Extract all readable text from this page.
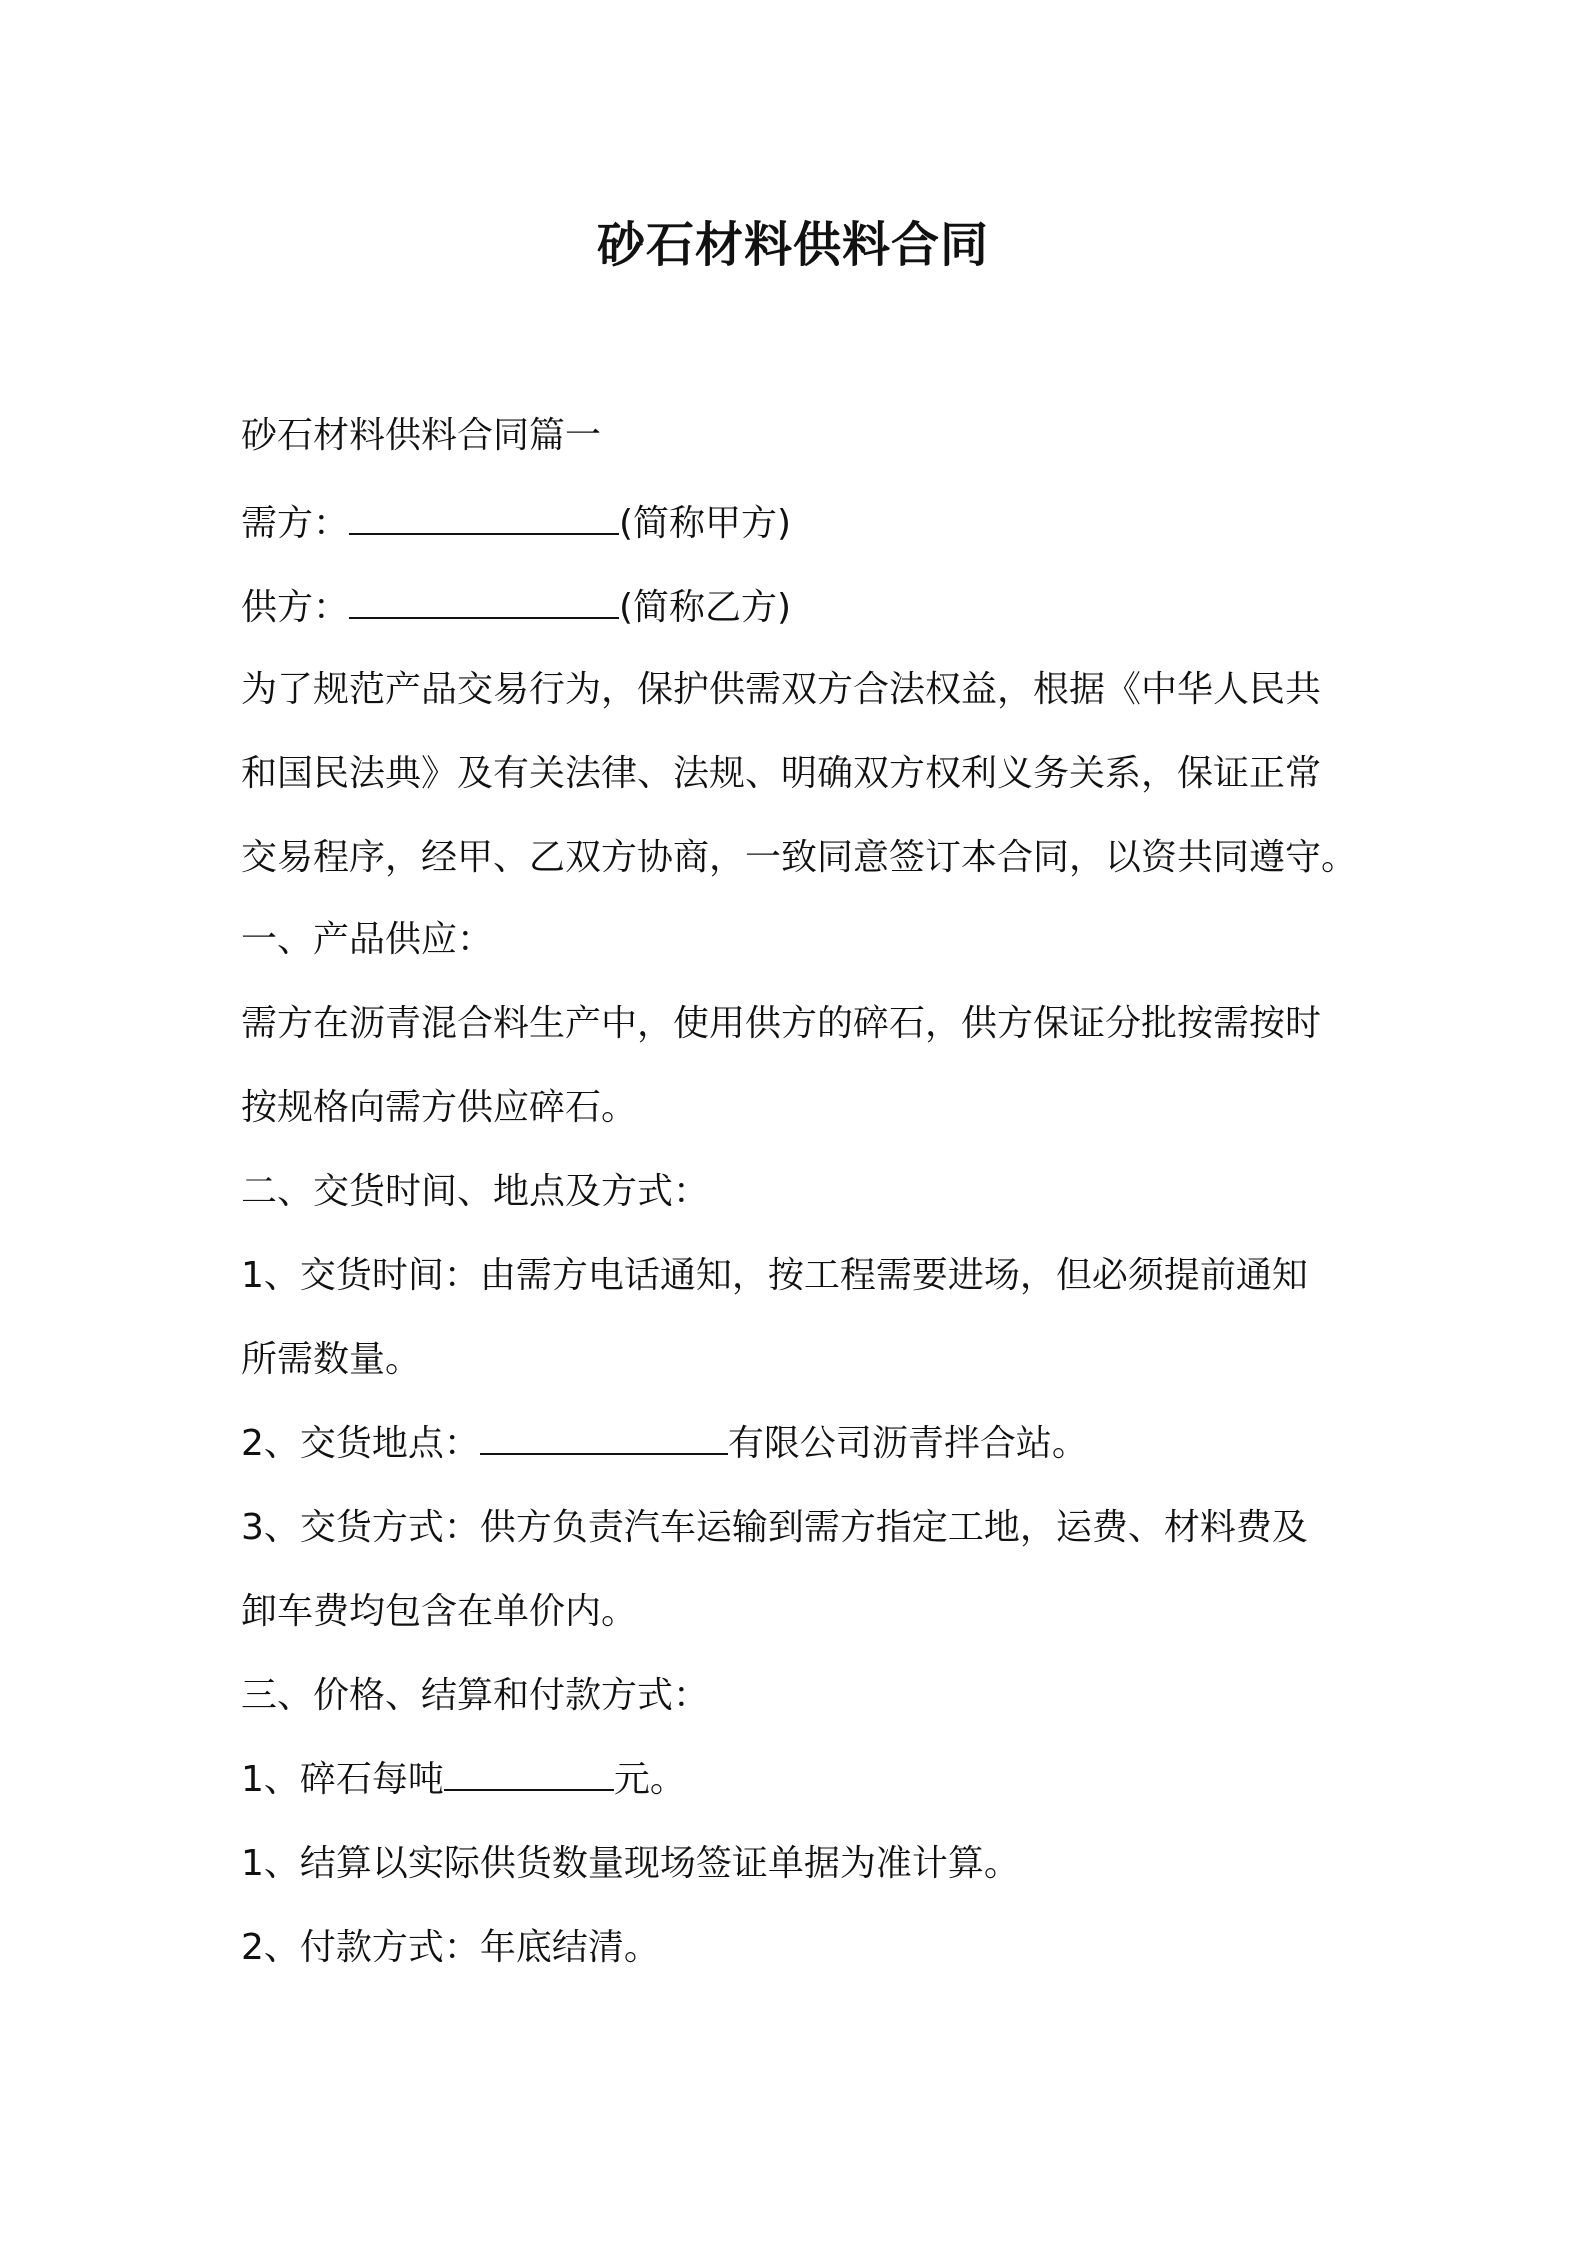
砂石材料供料合同

砂石材料供料合同篇一

需方：	(简称甲方)

供方：	(简称乙方)

为了规范产品交易行为，保护供需双方合法权益，根据《中华人民共

和国民法典》及有关法律、法规、明确双方权利义务关系，保证正常

交易程序，经甲、乙双方协商，一致同意签订本合同，以资共同遵守。

一、产品供应：

需方在沥青混合料生产中，使用供方的碎石，供方保证分批按需按时

按规格向需方供应碎石。

二、交货时间、地点及方式：

1、交货时间：由需方电话通知，按工程需要进场，但必须提前通知

所需数量。

2、交货地点：	有限公司沥青拌合站。

3、交货方式：供方负责汽车运输到需方指定工地，运费、材料费及

卸车费均包含在单价内。

三、价格、结算和付款方式：

1、碎石每吨	元。

1、结算以实际供货数量现场签证单据为准计算。

2、付款方式：年底结清。
